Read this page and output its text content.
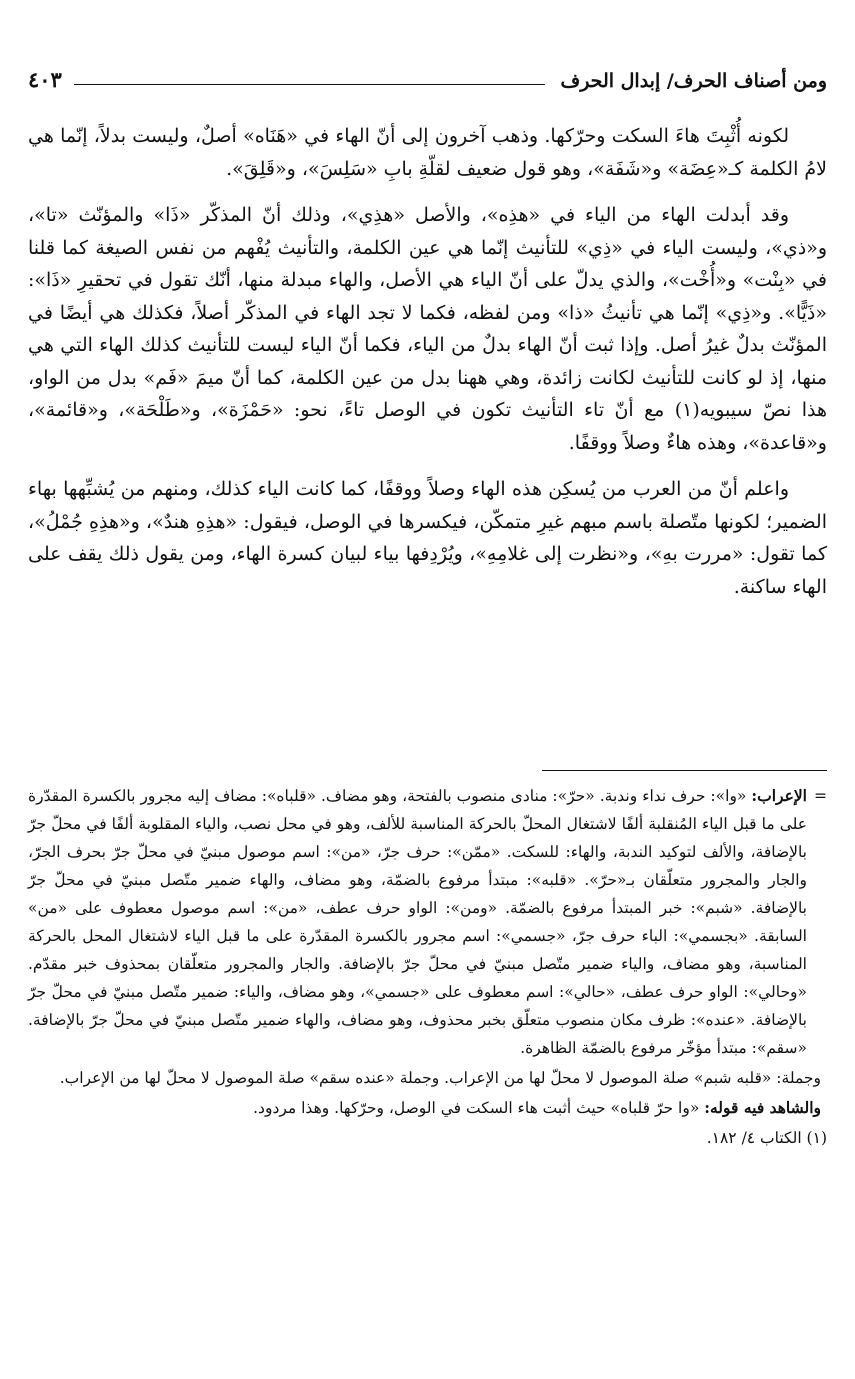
ومن أصناف الحرف/ إبدال الحرف
٤٠٣

لكونه أُثْبِتَ هاءَ السكت وحرّكها. وذهب آخرون إلى أنّ الهاء في «هَنَاه» أصلٌ، وليست بدلاً، إنّما هي لامُ الكلمة كـ«عِضَة» و«شَفَة»، وهو قول ضعيف لقلّةِ بابِ «سَلِسَ»، و«قَلِقَ».

وقد أبدلت الهاء من الياء في «هذِه»، والأصل «هذِي»، وذلك أنّ المذكّر «ذَا» والمؤنّث «تا»، و«ذي»، وليست الياء في «ذِي» للتأنيث إنّما هي عين الكلمة، والتأنيث يُفْهم من نفس الصيغة كما قلنا في «بِنْت» و«أُخْت»، والذي يدلّ على أنّ الياء هي الأصل، والهاء مبدلة منها، أنّك تقول في تحقيرِ «ذَا»: «ذَيًّا». و«ذِي» إنّما هي تأنيثُ «ذا» ومن لفظه، فكما لا تجد الهاء في المذكّر أصلاً، فكذلك هي أيضًا في المؤنّث بدلٌ غيرُ أصل. وإذا ثبت أنّ الهاء بدلٌ من الياء، فكما أنّ الياء ليست للتأنيث كذلك الهاء التي هي منها، إذ لو كانت للتأنيث لكانت زائدة، وهي ههنا بدل من عين الكلمة، كما أنّ ميمَ «فَم» بدل من الواو، هذا نصّ سيبويه(١) مع أنّ تاء التأنيث تكون في الوصل تاءً، نحو: «حَمْزَة»، و«طَلْحَة»، و«قائمة»، و«قاعدة»، وهذه هاءٌ وصلاً ووقفًا.

واعلم أنّ من العرب من يُسكِن هذه الهاء وصلاً ووقفًا، كما كانت الياء كذلك، ومنهم من يُشبِّهها بهاء الضمير؛ لكونها متّصلة باسم مبهم غيرِ متمكّن، فيكسرها في الوصل، فيقول: «هذِهِ هندٌ»، و«هذِهِ جُمْلُ»، كما تقول: «مررت بهِ»، و«نظرت إلى غلامِهِ»، ويُرْدِفها بياء لبيان كسرة الهاء، ومن يقول ذلك يقف على الهاء ساكنة.

=
الإعراب: «وا»: حرف نداء وندبة. «حرّ»: منادى منصوب بالفتحة، وهو مضاف. «قلباه»: مضاف إليه مجرور بالكسرة المقدّرة على ما قبل الياء المُنقلبة ألفًا لاشتغال المحلّ بالحركة المناسبة للألف، وهو في محل نصب، والياء المقلوبة ألفًا في محلّ جرّ بالإضافة، والألف لتوكيد الندبة، والهاء: للسكت. «ممّن»: حرف جرّ، «من»: اسم موصول مبنيّ في محلّ جرّ بحرف الجرّ، والجار والمجرور متعلّقان بـ«حرّ». «قلبه»: مبتدأ مرفوع بالضمّة، وهو مضاف، والهاء ضمير متّصل مبنيّ في محلّ جرّ بالإضافة. «شبم»: خبر المبتدأ مرفوع بالضمّة. «ومن»: الواو حرف عطف، «من»: اسم موصول معطوف على «من» السابقة. «بجسمي»: الباء حرف جرّ، «جسمي»: اسم مجرور بالكسرة المقدّرة على ما قبل الياء لاشتغال المحل بالحركة المناسبة، وهو مضاف، والياء ضمير متّصل مبنيّ في محلّ جرّ بالإضافة. والجار والمجرور متعلّقان بمحذوف خبر مقدّم. «وحالي»: الواو حرف عطف، «حالي»: اسم معطوف على «جسمي»، وهو مضاف، والياء: ضمير متّصل مبنيّ في محلّ جرّ بالإضافة. «عنده»: ظرف مكان منصوب متعلّق بخبر محذوف، وهو مضاف، والهاء ضمير متّصل مبنيّ في محلّ جرّ بالإضافة. «سقم»: مبتدأ مؤخّر مرفوع بالضمّة الظاهرة.
وجملة: «قلبه شبم» صلة الموصول لا محلّ لها من الإعراب. وجملة «عنده سقم» صلة الموصول لا محلّ لها من الإعراب.
والشاهد فيه قوله: «وا حرّ قلباه» حيث أثبت هاء السكت في الوصل، وحرّكها. وهذا مردود.
(١) الكتاب ٤/ ١٨٢.
